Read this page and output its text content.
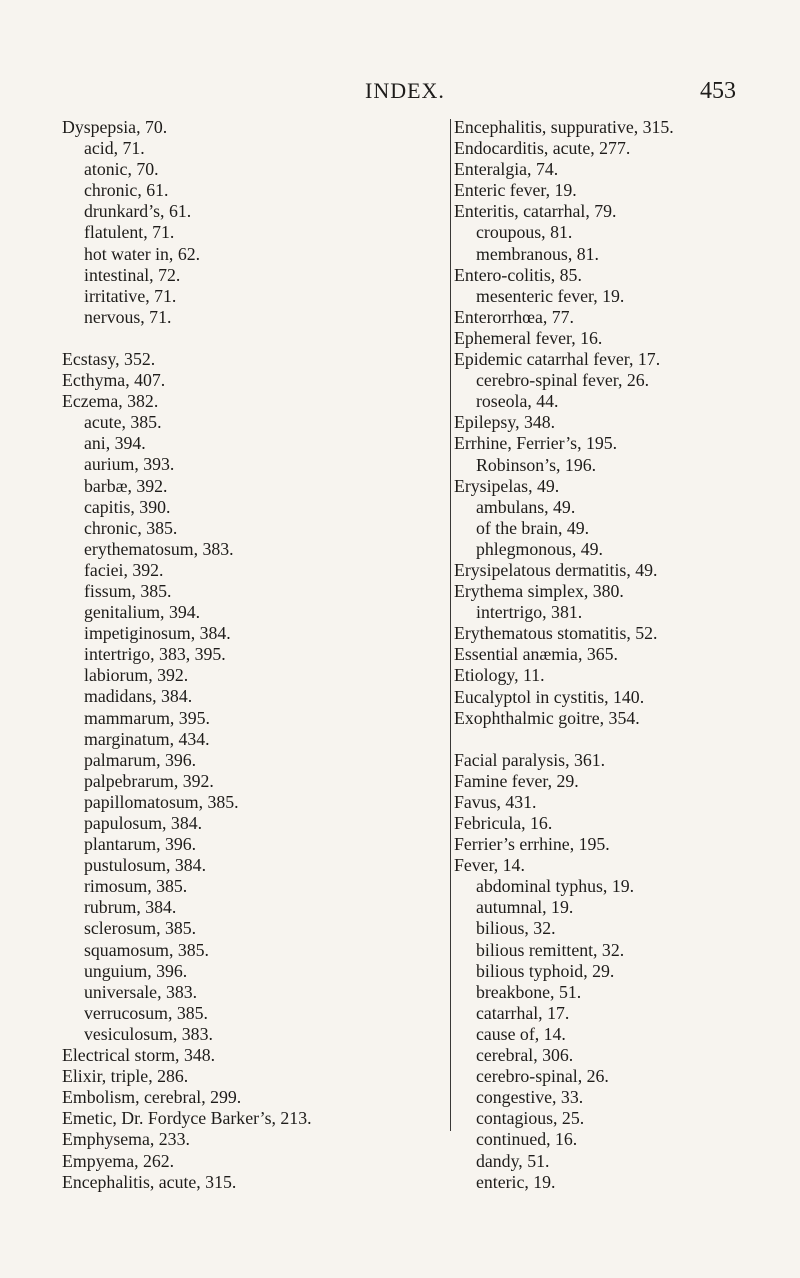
INDEX.	453
Dyspepsia, 70.
acid, 71.
atonic, 70.
chronic, 61.
drunkard’s, 61.
flatulent, 71.
hot water in, 62.
intestinal, 72.
irritative, 71.
nervous, 71.
Ecstasy, 352.
Ecthyma, 407.
Eczema, 382.
acute, 385.
ani, 394.
aurium, 393.
barbæ, 392.
capitis, 390.
chronic, 385.
erythematosum, 383.
faciei, 392.
fissum, 385.
genitalium, 394.
impetiginosum, 384.
intertrigo, 383, 395.
labiorum, 392.
madidans, 384.
mammarum, 395.
marginatum, 434.
palmarum, 396.
palpebrarum, 392.
papillomatosum, 385.
papulosum, 384.
plantarum, 396.
pustulosum, 384.
rimosum, 385.
rubrum, 384.
sclerosum, 385.
squamosum, 385.
unguium, 396.
universale, 383.
verrucosum, 385.
vesiculosum, 383.
Electrical storm, 348.
Elixir, triple, 286.
Embolism, cerebral, 299.
Emetic, Dr. Fordyce Barker’s, 213.
Emphysema, 233.
Empyema, 262.
Encephalitis, acute, 315.
Encephalitis, suppurative, 315.
Endocarditis, acute, 277.
Enteralgia, 74.
Enteric fever, 19.
Enteritis, catarrhal, 79.
croupous, 81.
membranous, 81.
Entero-colitis, 85.
mesenteric fever, 19.
Enterorrhœa, 77.
Ephemeral fever, 16.
Epidemic catarrhal fever, 17.
cerebro-spinal fever, 26.
roseola, 44.
Epilepsy, 348.
Errhine, Ferrier’s, 195.
Robinson’s, 196.
Erysipelas, 49.
ambulans, 49.
of the brain, 49.
phlegmonous, 49.
Erysipelatous dermatitis, 49.
Erythema simplex, 380.
intertrigo, 381.
Erythematous stomatitis, 52.
Essential anæmia, 365.
Etiology, 11.
Eucalyptol in cystitis, 140.
Exophthalmic goitre, 354.
Facial paralysis, 361.
Famine fever, 29.
Favus, 431.
Febricula, 16.
Ferrier’s errhine, 195.
Fever, 14.
abdominal typhus, 19.
autumnal, 19.
bilious, 32.
bilious remittent, 32.
bilious typhoid, 29.
breakbone, 51.
catarrhal, 17.
cause of, 14.
cerebral, 306.
cerebro-spinal, 26.
congestive, 33.
contagious, 25.
continued, 16.
dandy, 51.
enteric, 19.
